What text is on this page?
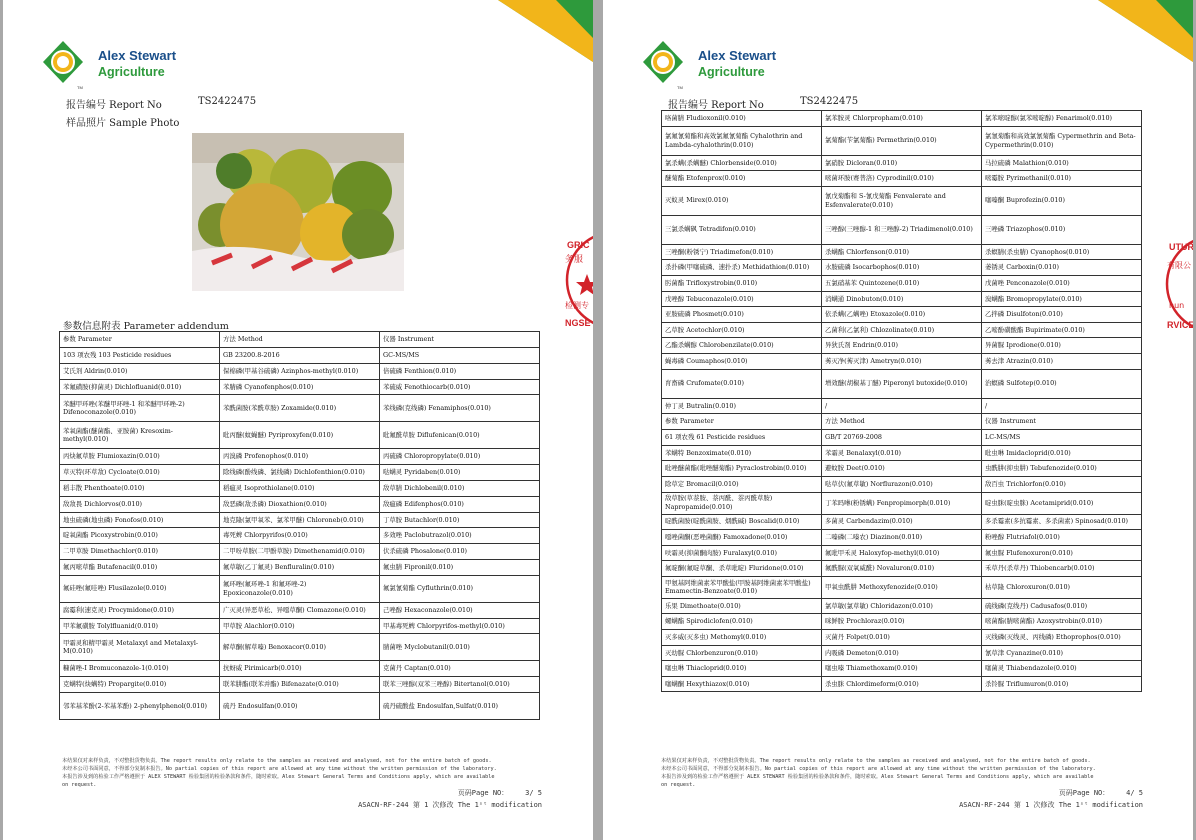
Alex Stewart
Agriculture
TM
报告编号 Report No	TS2422475
样品照片 Sample Photo
参数信息附表 Parameter addendum
参数 Parameter	方法 Method	仪器 Instrument
103 项农残 103 Pesticide residues	GB 23200.8-2016	GC-MS/MS
艾氏剂 Aldrin(0.010)	保棉磷(甲基谷硫磷) Azinphos-methyl(0.010)	倍硫磷 Fenthion(0.010)
苯氟磺胺(抑菌灵) Dichlofluanid(0.010)	苯腈磷 Cyanofenphos(0.010)	苯硫威 Fenothiocarb(0.010)
苯醚甲环唑(苯醚甲环唑-1 和苯醚甲环唑-2) Difenoconazole(0.010)	苯酰菌胺(苯酰草胺) Zoxamide(0.010)	苯线磷(克线磷) Fenamiphos(0.010)
苯氧菌酯(醚菌酯、亚胺菌) Kresoxim-methyl(0.010)	吡丙醚(蚊蝇醚) Pyriproxyfen(0.010)	吡氟酰草胺 Diflufenican(0.010)
丙炔氟草胺 Flumioxazin(0.010)	丙溴磷 Profenophos(0.010)	丙硫磷 Chloropropylate(0.010)
草灭特(环草敌) Cycloate(0.010)	除线磷(酚线磷、氯线磷) Dichlofenthion(0.010)	哒螨灵 Pyridaben(0.010)
稻丰散 Phenthoate(0.010)	稻瘟灵 Isoprothiolane(0.010)	敌草腈 Dichlobenil(0.010)
敌敌畏 Dichlorvos(0.010)	敌恶磷(敌杀磷) Dioxathion(0.010)	敌瘟磷 Edifenphos(0.010)
地虫硫磷(地虫磷) Fonofos(0.010)	地克隆(氯甲氧苯、氯苯甲醚) Chloroneb(0.010)	丁草胺 Butachlor(0.010)
啶氧菌酯 Picoxystrobin(0.010)	毒死蜱 Chlorpyrifos(0.010)	多效唑 Paclobutrazol(0.010)
二甲草胺 Dimethachlor(0.010)	二甲吩草胺(二甲酚草胺) Dimethenamid(0.010)	伏杀硫磷 Phosalone(0.010)
氟丙嘧草酯 Butafenacil(0.010)	氟草敏(乙丁氟灵) Benfluralin(0.010)	氟虫腈 Fipronil(0.010)
氟硅唑(氟哇唑) Flusilazole(0.010)	氟环唑(氟环唑-1 和氟环唑-2) Epoxiconazole(0.010)	氟氯氰菊酯 Cyfluthrin(0.010)
腐霉利(速克灵) Procymidone(0.010)	广灭灵(异恶草松、异噁草酮) Clomazone(0.010)	己唑醇 Hexaconazole(0.010)
甲苯氟磺胺 Tolylfluanid(0.010)	甲草胺 Alachlor(0.010)	甲基毒死蜱 Chlorpyrifos-methyl(0.010)
甲霜灵和精甲霜灵 Metalaxyl and Metalaxyl-M(0.010)	解草酮(解草嗪) Benoxacor(0.010)	腈菌唑 Myclobutanil(0.010)
糠菌唑-I Bromuconazole-1(0.010)	抗蚜威 Pirimicarb(0.010)	克菌丹 Captan(0.010)
克螨特(炔螨特) Propargite(0.010)	联苯肼酯(联苯并酯) Bifenazate(0.010)	联苯三唑醇(双苯三唑醇) Bitertanol(0.010)
邻苯基苯酚(2-苯基苯酚) 2-phenylphenol(0.010)	硫丹 Endosulfan(0.010)	硫丹硫酸盐 Endosulfan,Sulfat(0.010)
本结果仅对来样负责，不对整批货物负责。The report results only relate to the samples as received and analysed, not for the entire batch of goods.
未经本公司书面同意，不得部分复制本报告。No partial copies of this report are allowed at any time without the written permission of the laboratory.
本报告涉及到的检验工作严格遵照于 ALEX STEWART 检验集团的检验条款和条件，随时索取。Alex Stewart General Terms and Conditions apply, which are available
on request.
页码Page NO： 3/ 5
ASACN-RF-244 第 1 次修改 The 1ˢᵗ modification
GRIC
务服
检测专
NGSE
Alex Stewart
Agriculture
TM
报告编号 Report No	TS2422475
咯菌腈 Fludioxonil(0.010)	氯苯胺灵 Chlorpropham(0.010)	氯苯嘧啶醇(氯苯嘧啶醇) Fenarimol(0.010)
氯氟氰菊酯和高效氯氟氰菊酯 Cyhalothrin and Lambda-cyhalothrin(0.010)	氯菊酯(苄氯菊酯) Permethrin(0.010)	氯氰菊酯和高效氯氰菊酯 Cypermethrin and Beta-Cypermethrin(0.010)
氯杀螨(杀螨醚) Chlorbenside(0.010)	氯硝胺 Dicloran(0.010)	马拉硫磷 Malathion(0.010)
醚菊酯 Etofenprox(0.010)	嘧菌环胺(赛普洛) Cyprodinil(0.010)	嘧霉胺 Pyrimethanil(0.010)
灭蚁灵 Mirex(0.010)	氰戊菊酯和 S-氰戊菊酯 Fenvalerate and Esfenvalerate(0.010)	噻嗪酮 Buprofezin(0.010)
三氯杀螨砜 Tetradifon(0.010)	三唑醇(三唑醇-1 和三唑醇-2) Triadimenol(0.010)	三唑磷 Triazophos(0.010)
三唑酮(粉锈宁) Triadimefon(0.010)	杀螨酯 Chlorfenson(0.010)	杀螟腈(杀虫腈) Cyanophos(0.010)
杀扑磷(甲噻硫磷、速扑杀) Methidathion(0.010)	水胺硫磷 Isocarbophos(0.010)	萎锈灵 Carboxin(0.010)
肟菌酯 Trifloxystrobin(0.010)	五氯硝基苯 Quintozene(0.010)	戊菌唑 Penconazole(0.010)
戊唑醇 Tebuconazole(0.010)	消螨通 Dinobuton(0.010)	溴螨酯 Bromopropylate(0.010)
亚胺硫磷 Phosmet(0.010)	依杀螨(乙螨唑) Etoxazole(0.010)	乙拌磷 Disulfoton(0.010)
乙草胺 Acetochlor(0.010)	乙菌利(乙氯利) Chlozolinate(0.010)	乙嘧酚磺酸酯 Bupirimate(0.010)
乙酯杀螨醇 Chlorobenzilate(0.010)	异狄氏剂 Endrin(0.010)	异菌脲 Iprodione(0.010)
蝇毒磷 Coumaphos(0.010)	莠灭净(莠灭津) Ametryn(0.010)	莠去津 Atrazin(0.010)
育畜磷 Crufomate(0.010)	增效醚(胡椒基丁醚) Piperonyl butoxide(0.010)	治螟磷 Sulfotep(0.010)
仲丁灵 Butralin(0.010)	/	/
参数 Parameter	方法 Method	仪器 Instrument
61 项农残 61 Pesticide residues	GB/T 20769-2008	LC-MS/MS
苯螨特 Benzoximate(0.010)	苯霜灵 Benalaxyl(0.010)	吡虫啉 Imidacloprid(0.010)
吡唑醚菌酯(吡唑醚菊酯) Pyraclostrobin(0.010)	避蚊胺 Deet(0.010)	虫酰肼(抑虫肼) Tebufenozide(0.010)
除草定 Bromacil(0.010)	哒草伏(氟草敏) Norflurazon(0.010)	敌百虫 Trichlorfon(0.010)
敌草胺(草萘胺、萘丙酰、萘丙酰草胺) Napropamide(0.010)	丁苯吗啉(粉锈螨) Fenpropimorph(0.010)	啶虫脒(啶虫脒) Acetamiprid(0.010)
啶酰菌胺(啶酰菌胺、烟酰碱) Boscalid(0.010)	多菌灵 Carbendazim(0.010)	多杀霉素(多抗霉素、多杀菌素) Spinosad(0.010)
噁唑菌酮(恶唑菌酮) Famoxadone(0.010)	二嗪磷(二嗪农) Diazinon(0.010)	粉唑醇 Flutriafol(0.010)
呋霜灵(抑菌酮肉胺) Furalaxyl(0.010)	氟吡甲禾灵 Haloxyfop-methyl(0.010)	氟虫脲 Flufenoxuron(0.010)
氟啶酮(氟啶草酮、杀草吡啶) Fluridone(0.010)	氟酰脲(双氧威酰) Novaluron(0.010)	禾草丹(杀草丹) Thiobencarb(0.010)
甲氨基阿维菌素苯甲酸盐(甲胺基阿维菌素苯甲酸盐) Emamectin-Benzoate(0.010)	甲氧虫酰肼 Methoxyfenozide(0.010)	枯草隆 Chloroxuron(0.010)
乐果 Dimethoate(0.010)	氯草敏(氯草敏) Chloridazon(0.010)	硫线磷(克线丹) Cadusafos(0.010)
螺螨酯 Spirodiclofen(0.010)	咪鲜胺 Prochloraz(0.010)	嘧菌酯(腈嘧菌酯) Azoxystrobin(0.010)
灭多威(灭多虫) Methomyl(0.010)	灭菌丹 Folpet(0.010)	灭线磷(灭线灵、丙线磷) Ethoprophos(0.010)
灭幼脲 Chlorbenzuron(0.010)	内吸磷 Demeton(0.010)	氰草津 Cyanazine(0.010)
噻虫啉 Thiacloprid(0.010)	噻虫嗪 Thiamethoxam(0.010)	噻菌灵 Thiabendazole(0.010)
噻螨酮 Hexythiazox(0.010)	杀虫脒 Chlordimeform(0.010)	杀铃脲 Triflumuron(0.010)
本结果仅对来样负责，不对整批货物负责。The report results only relate to the samples as received and analysed, not for the entire batch of goods.
未经本公司书面同意，不得部分复制本报告。No partial copies of this report are allowed at any time without the written permission of the laboratory.
本报告涉及到的检验工作严格遵照于 ALEX STEWART 检验集团的检验条款和条件，随时索取。Alex Stewart General Terms and Conditions apply, which are available
on request.
页码Page NO： 4/ 5
ASACN-RF-244 第 1 次修改 The 1ˢᵗ modification
UTUR
有限公
hun
RVICE
